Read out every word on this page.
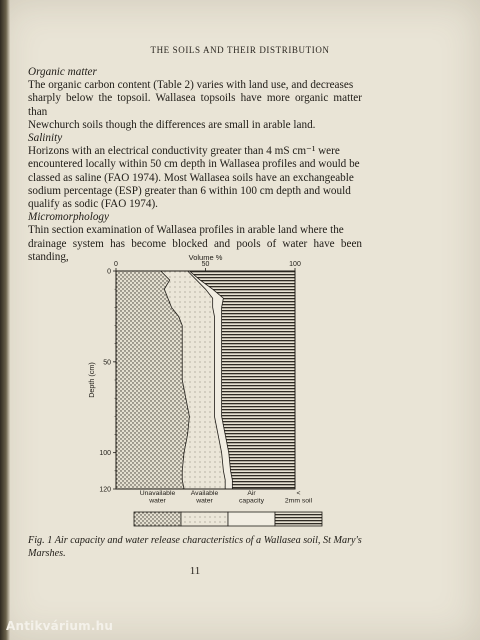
THE SOILS AND THEIR DISTRIBUTION

Organic matter

The organic carbon content (Table 2) varies with land use, and decreases

sharply below the topsoil. Wallasea topsoils have more organic matter than

Newchurch soils though the differences are small in arable land.

Salinity

Horizons with an electrical conductivity greater than 4 mS cm⁻¹ were

encountered locally within 50 cm depth in Wallasea profiles and would be

classed as saline (FAO 1974). Most Wallasea soils have an exchangeable

sodium percentage (ESP) greater than 6 within 100 cm depth and would

qualify as sodic (FAO 1974).

Micromorphology

Thin section examination of Wallasea profiles in arable land where the

drainage system has become blocked and pools of water have been standing,	Volume %
0	50	100
0
50
100
120
Depth (cm)
Unavailable
water
Available
water
Air
capacity
<
2mm soil
Fig. 1 Air capacity and water release characteristics of a Wallasea soil, St Mary's Marshes.
11
Antikvárium.hu
